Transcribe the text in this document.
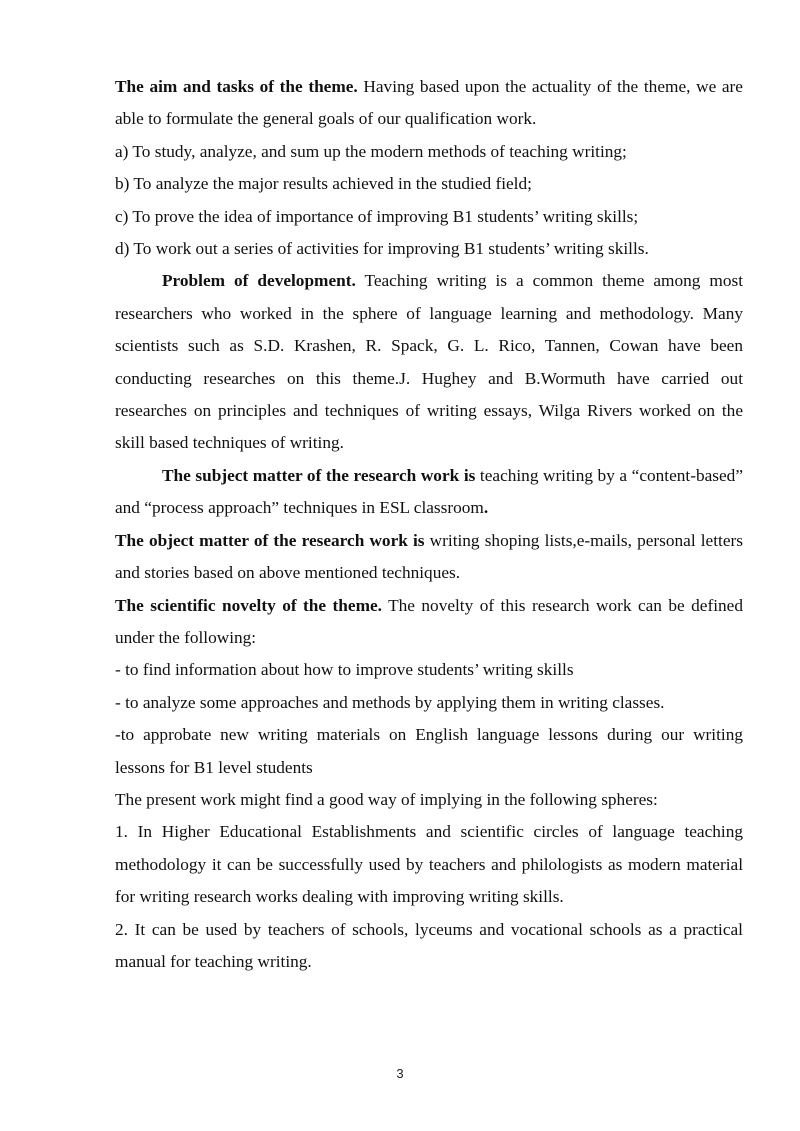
The aim and tasks of the theme. Having based upon the actuality of the theme, we are able to formulate the general goals of our qualification work.

a) To study, analyze, and sum up the modern methods of teaching writing;

b) To analyze the major results achieved in the studied field;

c) To prove the idea of importance of improving B1 students’ writing skills;

d) To work out a series of activities for improving B1 students’ writing skills.

Problem of development. Teaching writing is a common theme among most researchers who worked in the sphere of language learning and methodology. Many scientists such as S.D. Krashen, R. Spack, G. L. Rico, Tannen, Cowan have been conducting researches on this theme.J. Hughey and B.Wormuth have carried out researches on principles and techniques of writing essays, Wilga Rivers worked on the skill based techniques of writing.

The subject matter of the research work is teaching writing by a “content-based” and “process approach” techniques in ESL classroom.

The object matter of the research work is writing shoping lists,e-mails, personal letters and stories based on above mentioned techniques.

The scientific novelty of the theme. The novelty of this research work can be defined under the following:

- to find information about how to improve students’ writing skills

- to analyze some approaches and methods by applying them in writing classes.

-to approbate new writing materials on English language lessons during our writing lessons for B1 level students

The present work might find a good way of implying in the following spheres:

1. In Higher Educational Establishments and scientific circles of language teaching methodology it can be successfully used by teachers and philologists as modern material for writing research works dealing with improving writing skills.

2. It can be used by teachers of schools, lyceums and vocational schools as a practical manual for teaching writing.

3
